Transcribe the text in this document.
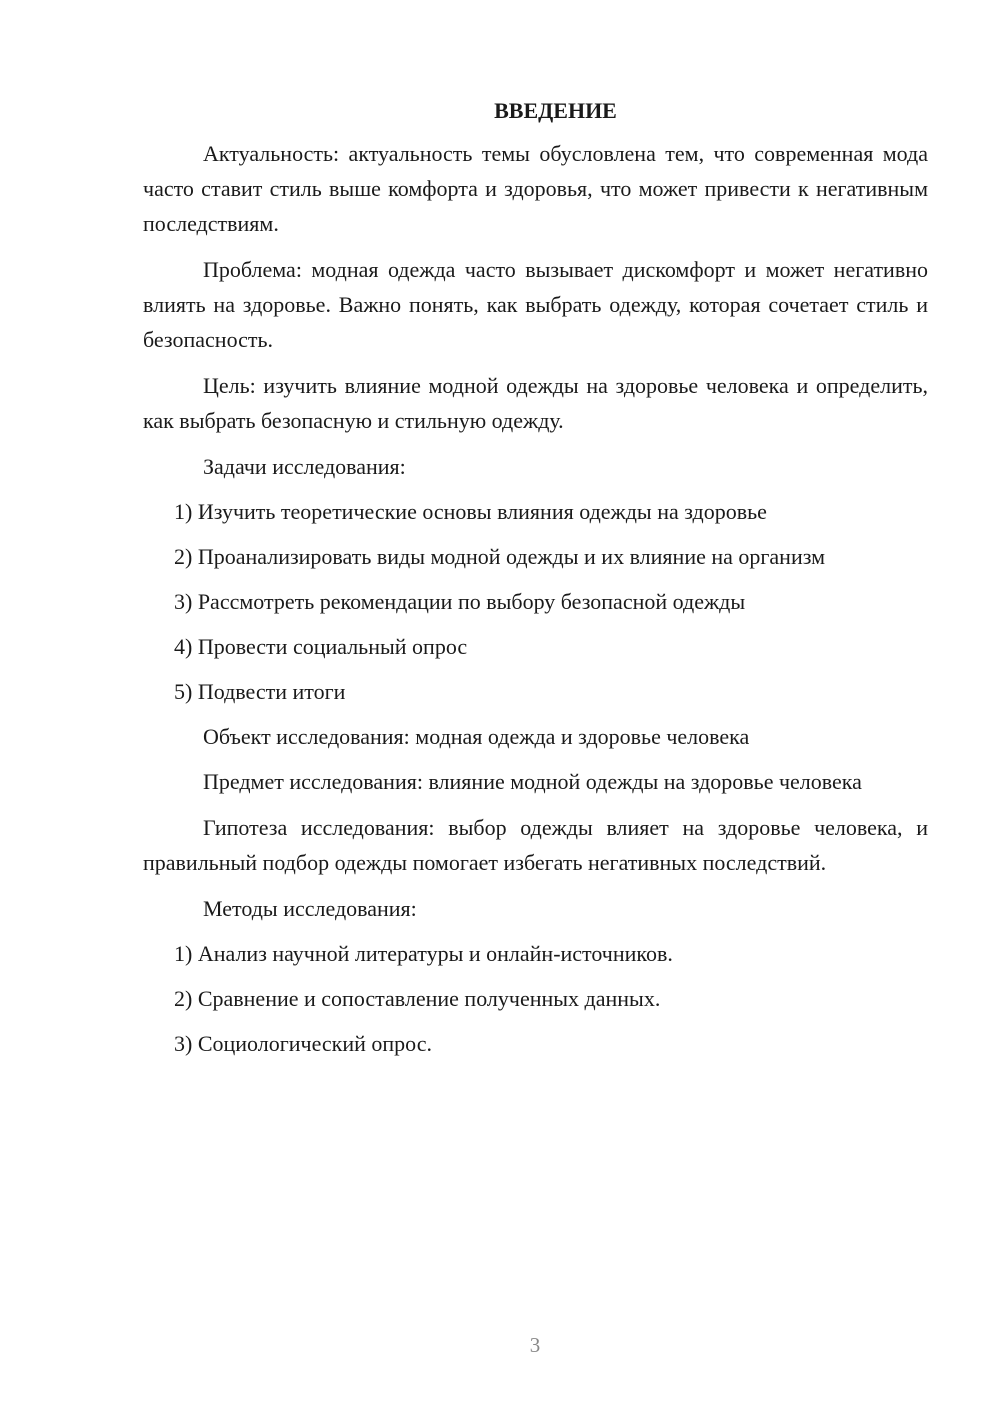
ВВЕДЕНИЕ
Актуальность: актуальность темы обусловлена тем, что современная мода часто ставит стиль выше комфорта и здоровья, что может привести к негативным последствиям.
Проблема: модная одежда часто вызывает дискомфорт и может негативно влиять на здоровье. Важно понять, как выбрать одежду, которая сочетает стиль и безопасность.
Цель: изучить влияние модной одежды на здоровье человека и определить, как выбрать безопасную и стильную одежду.
Задачи исследования:
1) Изучить теоретические основы влияния одежды на здоровье
2) Проанализировать виды модной одежды и их влияние на организм
3) Рассмотреть рекомендации по выбору безопасной одежды
4) Провести социальный опрос
5) Подвести итоги
Объект исследования: модная одежда и здоровье человека
Предмет исследования: влияние модной одежды на здоровье человека
Гипотеза исследования: выбор одежды влияет на здоровье человека, и правильный подбор одежды помогает избегать негативных последствий.
Методы исследования:
1) Анализ научной литературы и онлайн-источников.
2) Сравнение и сопоставление полученных данных.
3) Социологический опрос.
3
